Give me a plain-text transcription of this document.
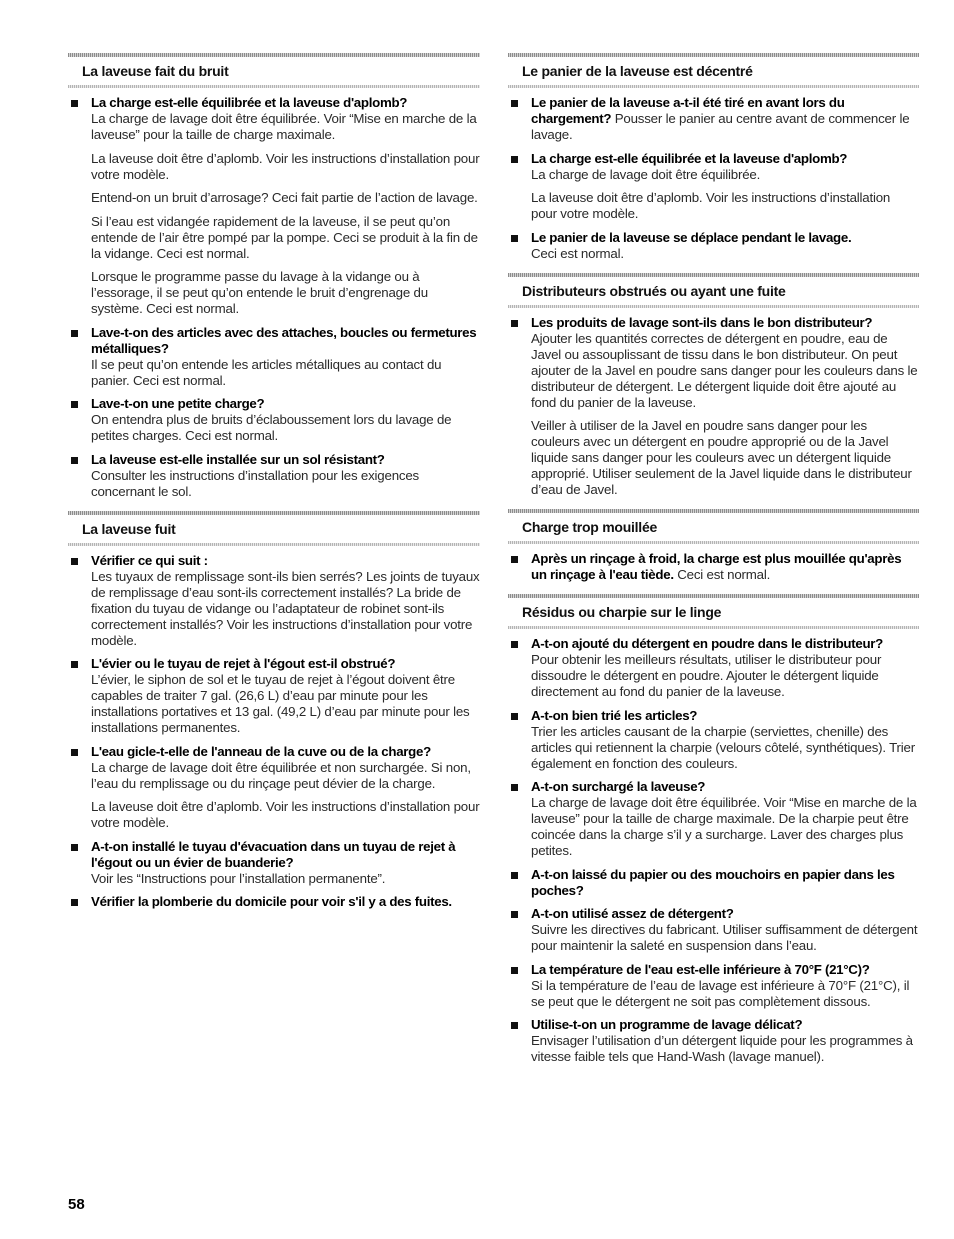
La laveuse fait du bruit

La charge est-elle équilibrée et la laveuse d'aplomb?

La charge de lavage doit être équilibrée. Voir “Mise en marche de la laveuse” pour la taille de charge maximale.

La laveuse doit être d’aplomb. Voir les instructions d’installation pour votre modèle.

Entend-on un bruit d’arrosage? Ceci fait partie de l’action de lavage.

Si l’eau est vidangée rapidement de la laveuse, il se peut qu’on entende de l’air être pompé par la pompe. Ceci se produit à la fin de la vidange. Ceci est normal.

Lorsque le programme passe du lavage à la vidange ou à l’essorage, il se peut qu’on entende le bruit d’engrenage du système. Ceci est normal.

Lave-t-on des articles avec des attaches, boucles ou fermetures métalliques?

Il se peut qu’on entende les articles métalliques au contact du panier. Ceci est normal.

Lave-t-on une petite charge?

On entendra plus de bruits d’éclaboussement lors du lavage de petites charges. Ceci est normal.

La laveuse est-elle installée sur un sol résistant?

Consulter les instructions d’installation pour les exigences concernant le sol.

La laveuse fuit

Vérifier ce qui suit :

Les tuyaux de remplissage sont-ils bien serrés? Les joints de tuyaux de remplissage d’eau sont-ils correctement installés? La bride de fixation du tuyau de vidange ou l’adaptateur de robinet sont-ils correctement installés? Voir les instructions d’installation pour votre modèle.

L'évier ou le tuyau de rejet à l'égout est-il obstrué?

L’évier, le siphon de sol et le tuyau de rejet à l’égout doivent être capables de traiter 7 gal. (26,6 L) d’eau par minute pour les installations portatives et 13 gal. (49,2 L) d’eau par minute pour les installations permanentes.

L'eau gicle-t-elle de l'anneau de la cuve ou de la charge?

La charge de lavage doit être équilibrée et non surchargée. Si non, l’eau du remplissage ou du rinçage peut dévier de la charge.

La laveuse doit être d’aplomb. Voir les instructions d’installation pour votre modèle.

A-t-on installé le tuyau d'évacuation dans un tuyau de rejet à l'égout ou un évier de buanderie?

Voir les “Instructions pour l’installation permanente”.

Vérifier la plomberie du domicile pour voir s'il y a des fuites.

Le panier de la laveuse est décentré

Le panier de la laveuse a-t-il été tiré en avant lors du chargement? Pousser le panier au centre avant de commencer le lavage.

La charge est-elle équilibrée et la laveuse d'aplomb?

La charge de lavage doit être équilibrée.

La laveuse doit être d’aplomb. Voir les instructions d’installation pour votre modèle.

Le panier de la laveuse se déplace pendant le lavage.

Ceci est normal.

Distributeurs obstrués ou ayant une fuite

Les produits de lavage sont-ils dans le bon distributeur?

Ajouter les quantités correctes de détergent en poudre, eau de Javel ou assouplissant de tissu dans le bon distributeur. On peut ajouter de la Javel en poudre sans danger pour les couleurs dans le distributeur de détergent. Le détergent liquide doit être ajouté au fond du panier de la laveuse.

Veiller à utiliser de la Javel en poudre sans danger pour les couleurs avec un détergent en poudre approprié ou de la Javel liquide sans danger pour les couleurs avec un détergent liquide approprié. Utiliser seulement de la Javel liquide dans le distributeur d’eau de Javel.

Charge trop mouillée

Après un rinçage à froid, la charge est plus mouillée qu'après un rinçage à l'eau tiède. Ceci est normal.

Résidus ou charpie sur le linge

A-t-on ajouté du détergent en poudre dans le distributeur?

Pour obtenir les meilleurs résultats, utiliser le distributeur pour dissoudre le détergent en poudre. Ajouter le détergent liquide directement au fond du panier de la laveuse.

A-t-on bien trié les articles?

Trier les articles causant de la charpie (serviettes, chenille) des articles qui retiennent la charpie (velours côtelé, synthétiques). Trier également en fonction des couleurs.

A-t-on surchargé la laveuse?

La charge de lavage doit être équilibrée. Voir “Mise en marche de la laveuse” pour la taille de charge maximale. De la charpie peut être coincée dans la charge s’il y a surcharge. Laver des charges plus petites.

A-t-on laissé du papier ou des mouchoirs en papier dans les poches?

A-t-on utilisé assez de détergent?

Suivre les directives du fabricant. Utiliser suffisamment de détergent pour maintenir la saleté en suspension dans l’eau.

La température de l'eau est-elle inférieure à 70°F (21°C)?

Si la température de l’eau de lavage est inférieure à 70°F (21°C), il se peut que le détergent ne soit pas complètement dissous.

Utilise-t-on un programme de lavage délicat?

Envisager l’utilisation d’un détergent liquide pour les programmes à vitesse faible tels que Hand-Wash (lavage manuel).

58
